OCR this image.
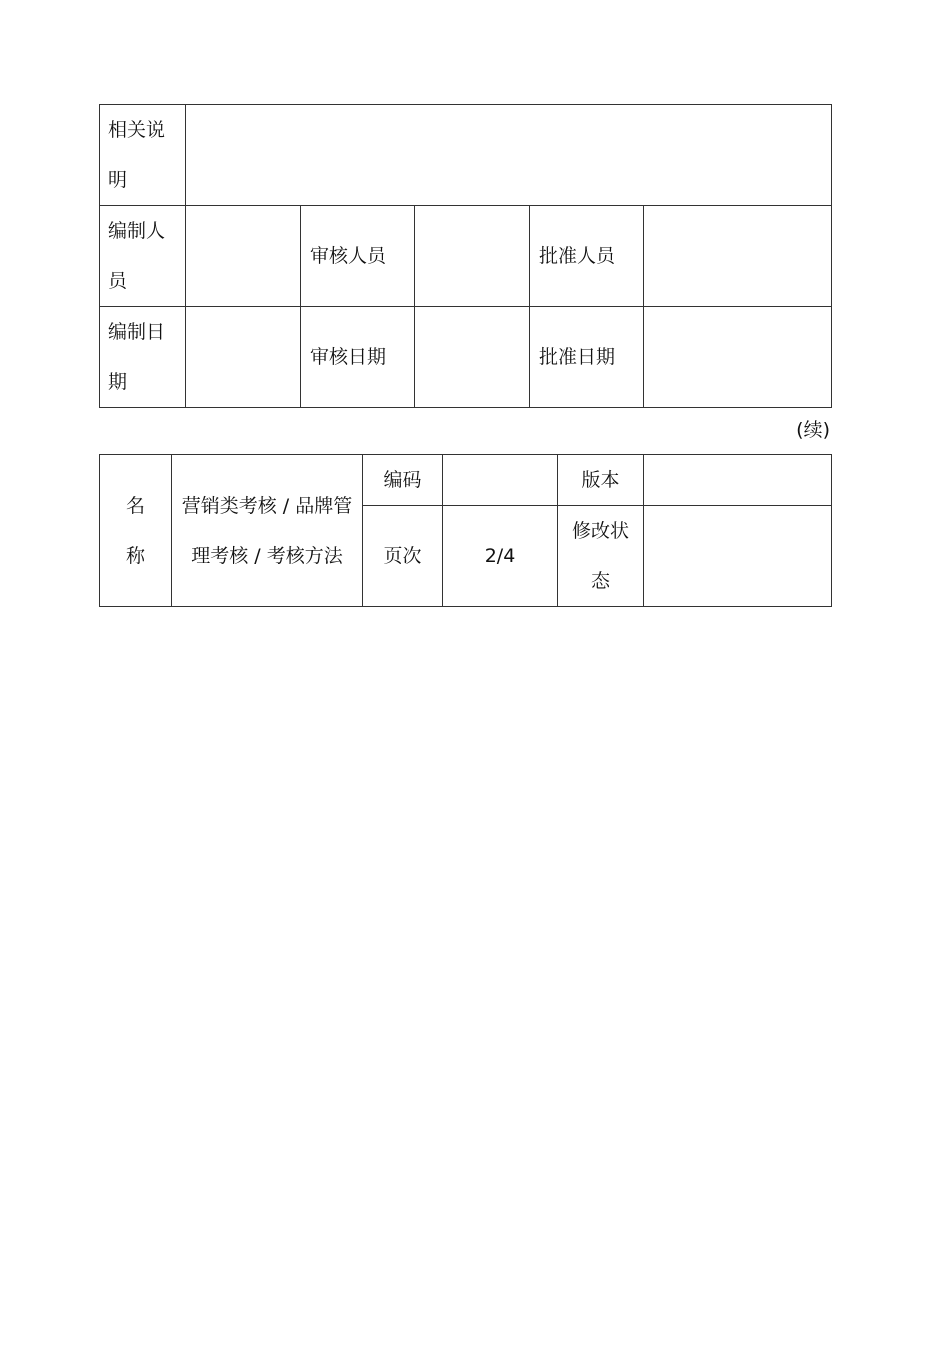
相关说明					

编制人员		审核人员		批准人员	

编制日期		审核日期		批准日期	
(续)
名称	营销类考核 / 品牌管理考核 / 考核方法	编码		版本	
		页次	2/4	修改状态	
